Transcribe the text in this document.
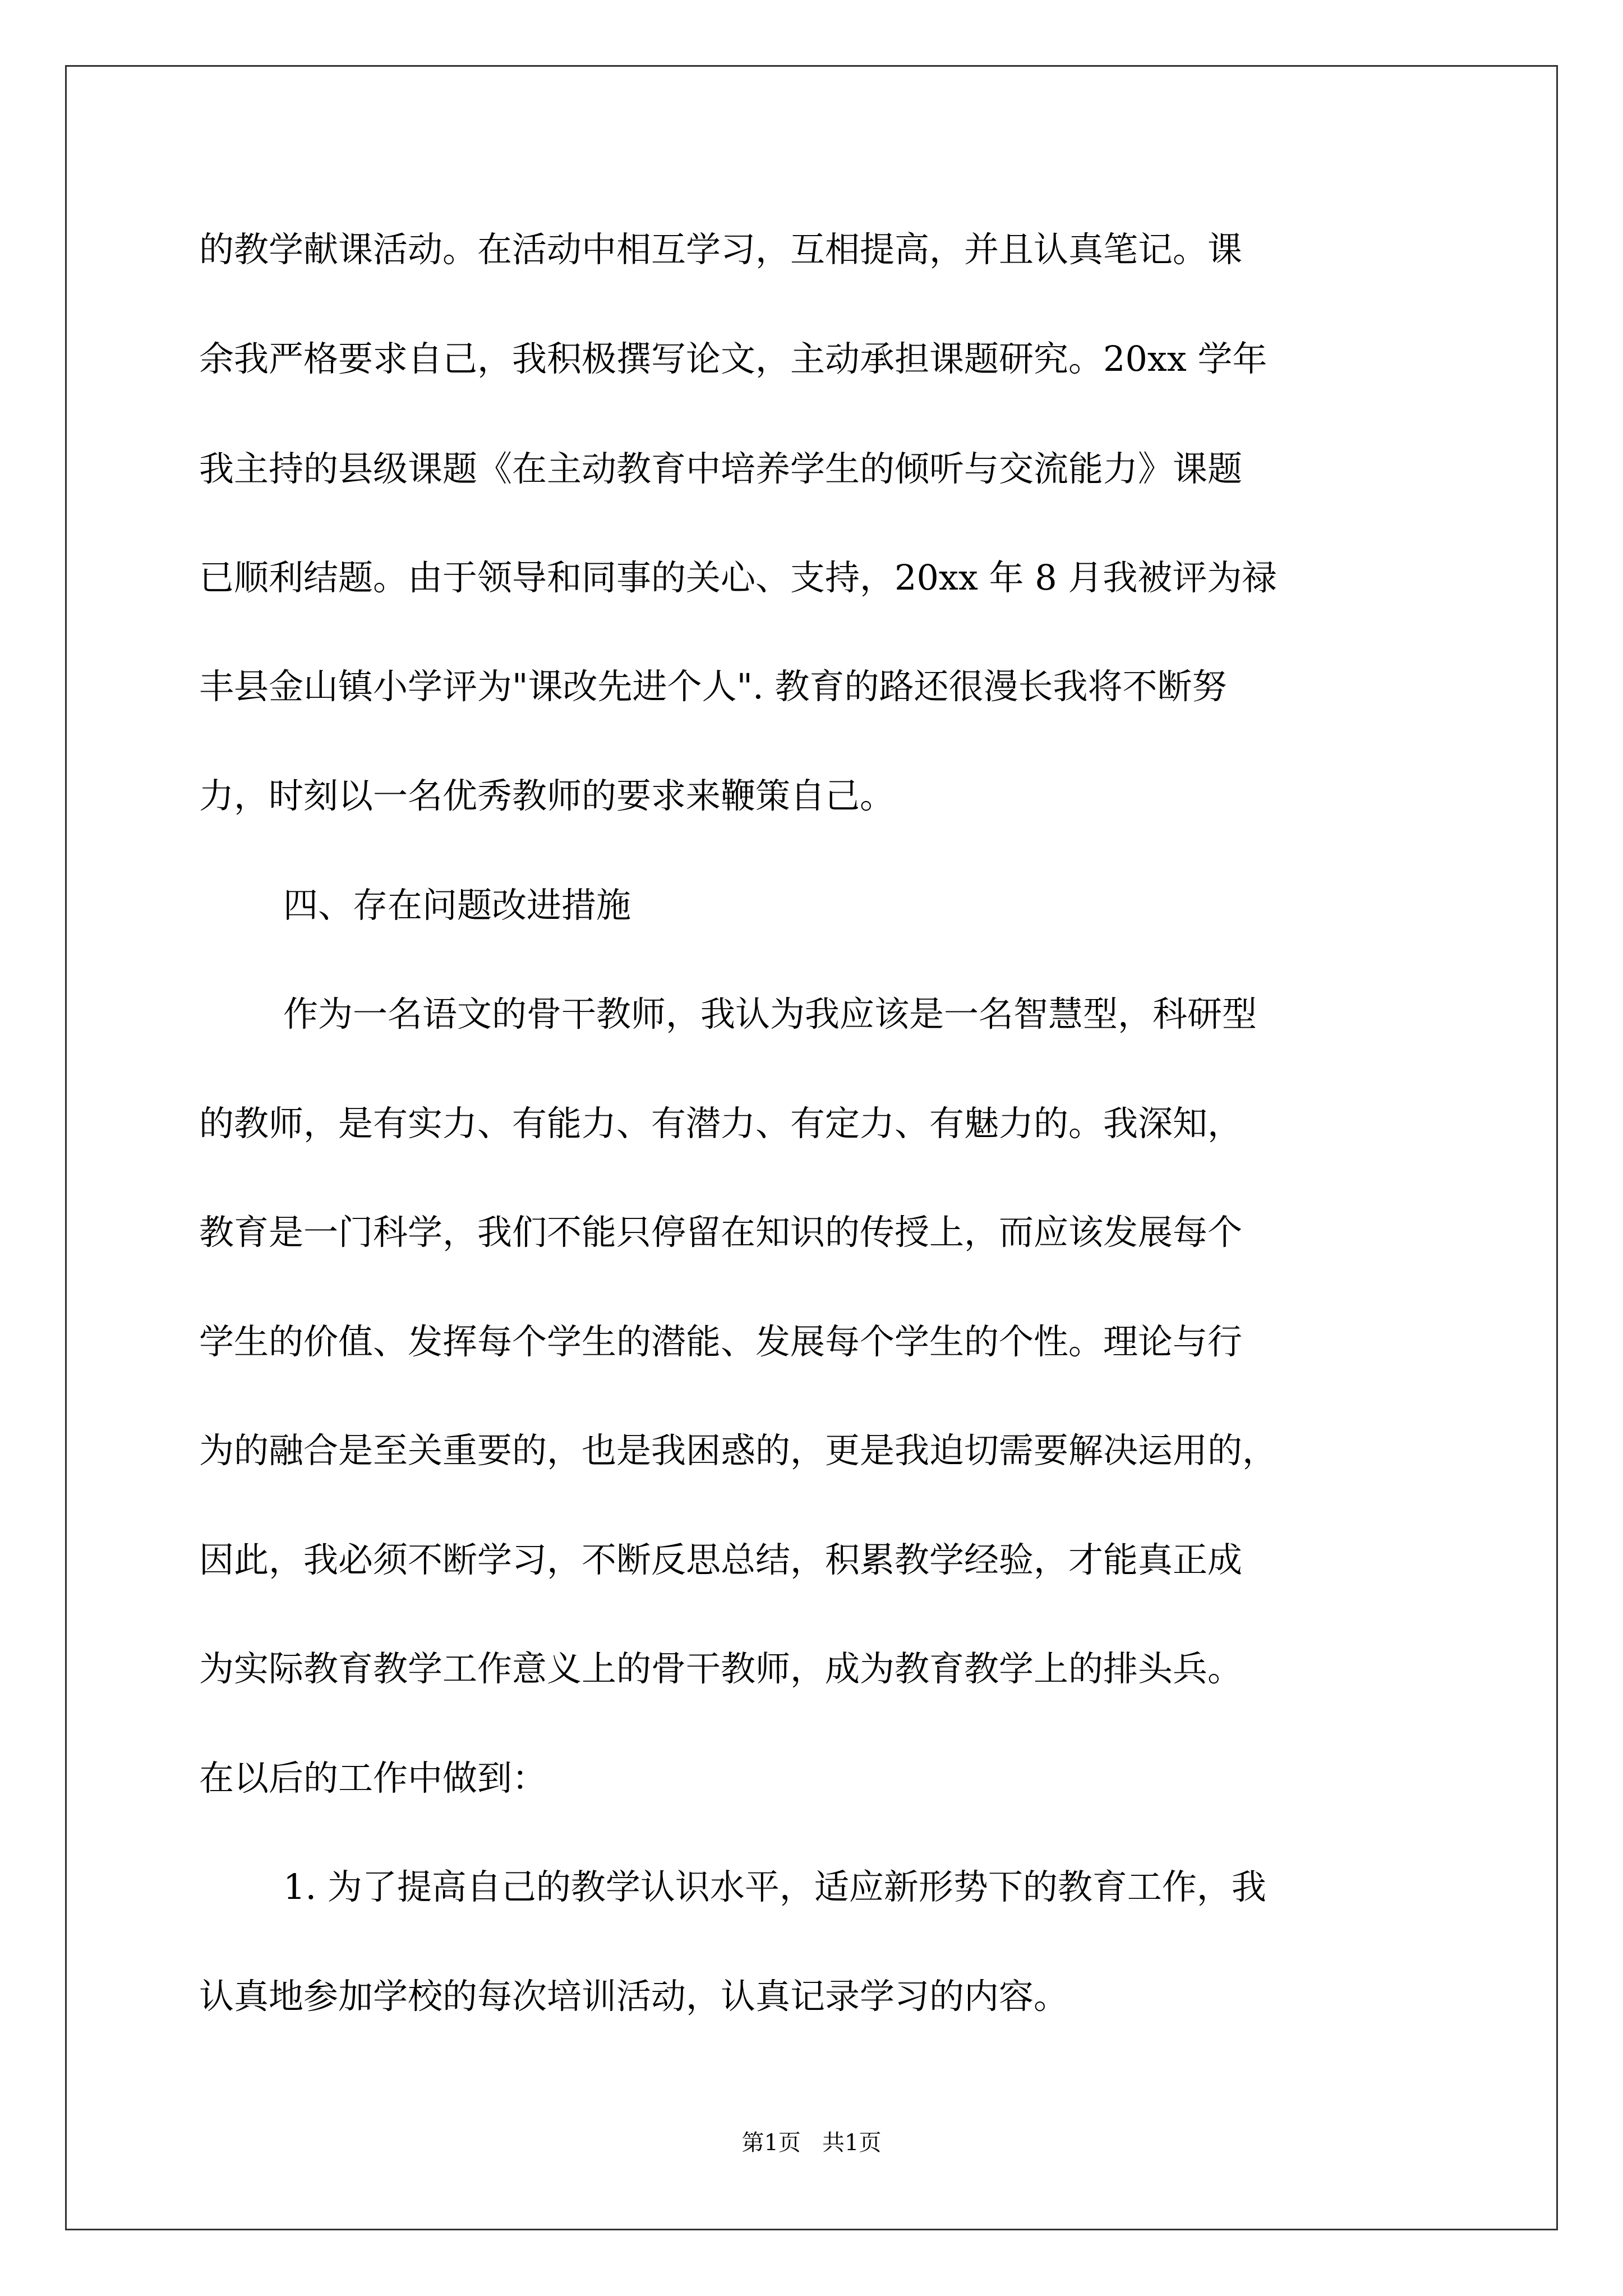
的教学献课活动。在活动中相互学习，互相提高，并且认真笔记。课
余我严格要求自己，我积极撰写论文，主动承担课题研究。20xx 学年
我主持的县级课题《在主动教育中培养学生的倾听与交流能力》课题
已顺利结题。由于领导和同事的关心、支持，20xx 年 8 月我被评为禄
丰县金山镇小学评为"课改先进个人". 教育的路还很漫长我将不断努
力，时刻以一名优秀教师的要求来鞭策自己。
四、存在问题改进措施
作为一名语文的骨干教师，我认为我应该是一名智慧型，科研型
的教师，是有实力、有能力、有潜力、有定力、有魅力的。我深知，
教育是一门科学，我们不能只停留在知识的传授上，而应该发展每个
学生的价值、发挥每个学生的潜能、发展每个学生的个性。理论与行
为的融合是至关重要的，也是我困惑的，更是我迫切需要解决运用的，
因此，我必须不断学习，不断反思总结，积累教学经验，才能真正成
为实际教育教学工作意义上的骨干教师，成为教育教学上的排头兵。
在以后的工作中做到：
1. 为了提高自己的教学认识水平，适应新形势下的教育工作，我
认真地参加学校的每次培训活动，认真记录学习的内容。
第1页   共1页
